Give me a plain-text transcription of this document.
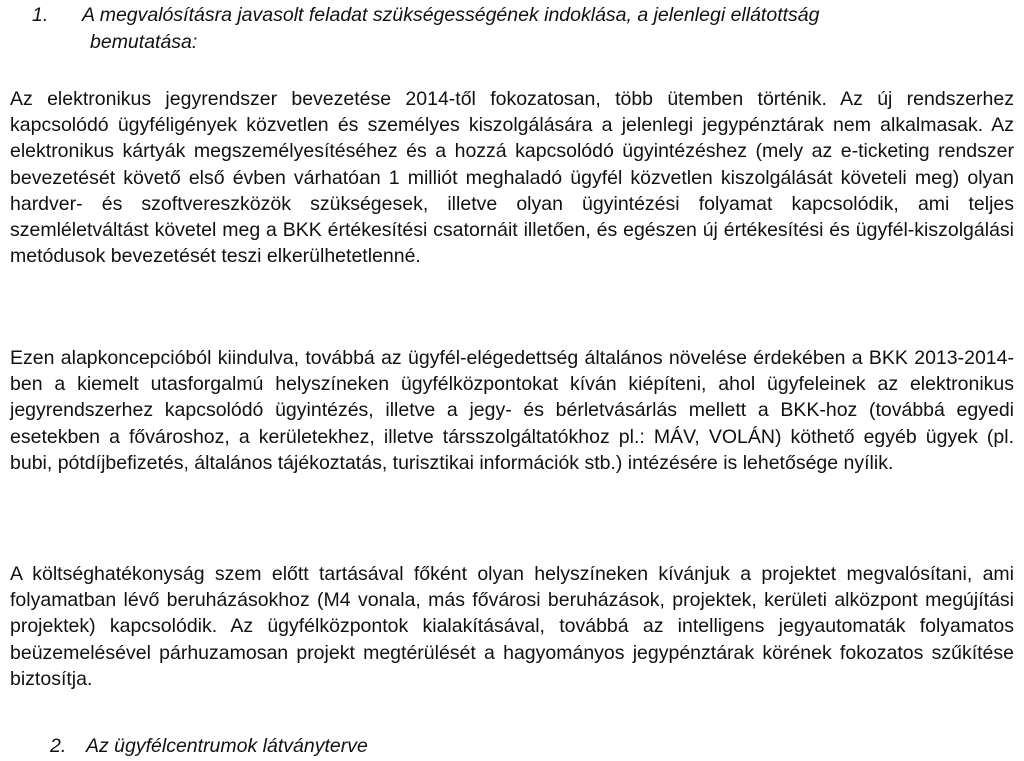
1. A megvalósításra javasolt feladat szükségességének indoklása, a jelenlegi ellátottság
bemutatása:

Az elektronikus jegyrendszer bevezetése 2014-től fokozatosan, több ütemben történik. Az új rendszerhez kapcsolódó ügyféligények közvetlen és személyes kiszolgálására a jelenlegi jegypénztárak nem alkalmasak. Az elektronikus kártyák megszemélyesítéséhez és a hozzá kapcsolódó ügyintézéshez (mely az e-ticketing rendszer bevezetését követő első évben várhatóan 1 milliót meghaladó ügyfél közvetlen kiszolgálását követeli meg) olyan hardver- és szoftvereszközök szükségesek, illetve olyan ügyintézési folyamat kapcsolódik, ami teljes szemléletváltást követel meg a BKK értékesítési csatornáit illetően, és egészen új értékesítési és ügyfél-kiszolgálási metódusok bevezetését teszi elkerülhetetlenné.

Ezen alapkoncepcióból kiindulva, továbbá az ügyfél-elégedettség általános növelése érdekében a BKK 2013-2014-ben a kiemelt utasforgalmú helyszíneken ügyfélközpontokat kíván kiépíteni, ahol ügyfeleinek az elektronikus jegyrendszerhez kapcsolódó ügyintézés, illetve a jegy- és bérletvásárlás mellett a BKK-hoz (továbbá egyedi esetekben a fővároshoz, a kerületekhez, illetve társszolgáltatókhoz pl.: MÁV, VOLÁN) köthető egyéb ügyek (pl. bubi, pótdíjbefizetés, általános tájékoztatás, turisztikai információk stb.) intézésére is lehetősége nyílik.

A költséghatékonyság szem előtt tartásával főként olyan helyszíneken kívánjuk a projektet megvalósítani, ami folyamatban lévő beruházásokhoz (M4 vonala, más fővárosi beruházások, projektek, kerületi alközpont megújítási projektek) kapcsolódik. Az ügyfélközpontok kialakításával, továbbá az intelligens jegyautomaták folyamatos beüzemelésével párhuzamosan projekt megtérülését a hagyományos jegypénztárak körének fokozatos szűkítése biztosítja.

2. Az ügyfélcentrumok látványterve
